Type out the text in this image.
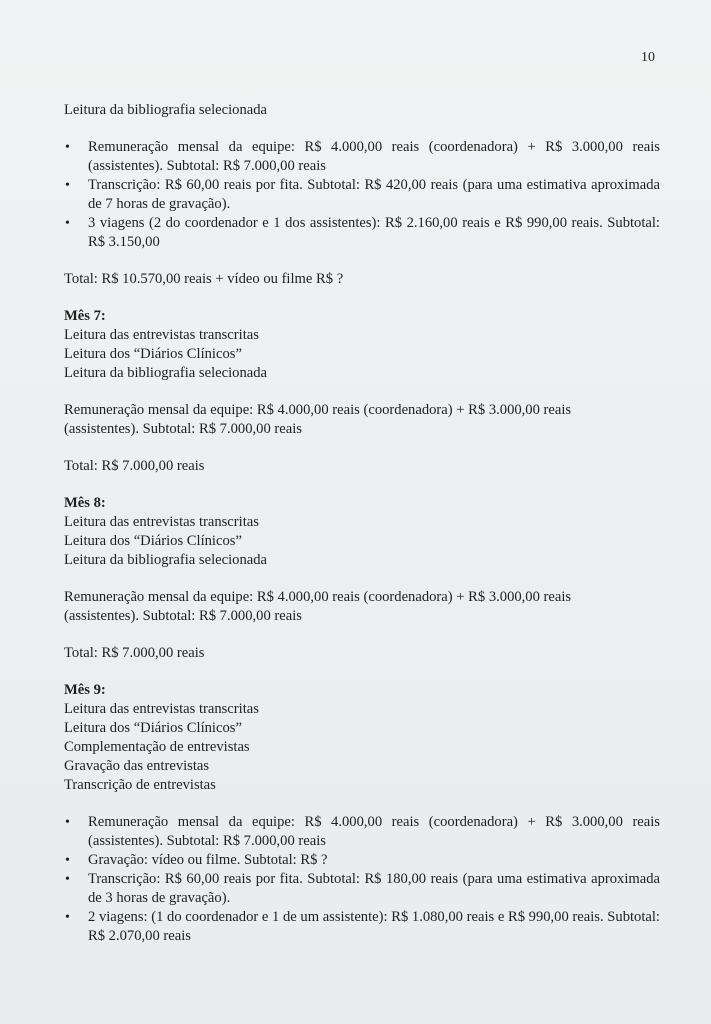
10
Leitura da bibliografia selecionada
• Remuneração mensal da equipe: R$ 4.000,00 reais (coordenadora) + R$ 3.000,00 reais (assistentes). Subtotal: R$ 7.000,00 reais
• Transcrição: R$ 60,00 reais por fita. Subtotal: R$ 420,00 reais (para uma estimativa aproximada de 7 horas de gravação).
• 3 viagens (2 do coordenador e 1 dos assistentes): R$ 2.160,00 reais e R$ 990,00 reais. Subtotal: R$ 3.150,00
Total: R$ 10.570,00 reais + vídeo ou filme R$ ?
Mês 7:
Leitura das entrevistas transcritas
Leitura dos “Diários Clínicos”
Leitura da bibliografia selecionada
Remuneração mensal da equipe: R$ 4.000,00 reais (coordenadora) + R$ 3.000,00 reais
(assistentes). Subtotal: R$ 7.000,00 reais
Total: R$ 7.000,00 reais
Mês 8:
Leitura das entrevistas transcritas
Leitura dos “Diários Clínicos”
Leitura da bibliografia selecionada
Remuneração mensal da equipe: R$ 4.000,00 reais (coordenadora) + R$ 3.000,00 reais
(assistentes). Subtotal: R$ 7.000,00 reais
Total: R$ 7.000,00 reais
Mês 9:
Leitura das entrevistas transcritas
Leitura dos “Diários Clínicos”
Complementação de entrevistas
Gravação das entrevistas
Transcrição de entrevistas
• Remuneração mensal da equipe: R$ 4.000,00 reais (coordenadora) + R$ 3.000,00 reais (assistentes). Subtotal: R$ 7.000,00 reais
• Gravação: vídeo ou filme. Subtotal: R$ ?
• Transcrição: R$ 60,00 reais por fita. Subtotal: R$ 180,00 reais (para uma estimativa aproximada de 3 horas de gravação).
• 2 viagens: (1 do coordenador e 1 de um assistente): R$ 1.080,00 reais e R$ 990,00 reais. Subtotal: R$ 2.070,00 reais
